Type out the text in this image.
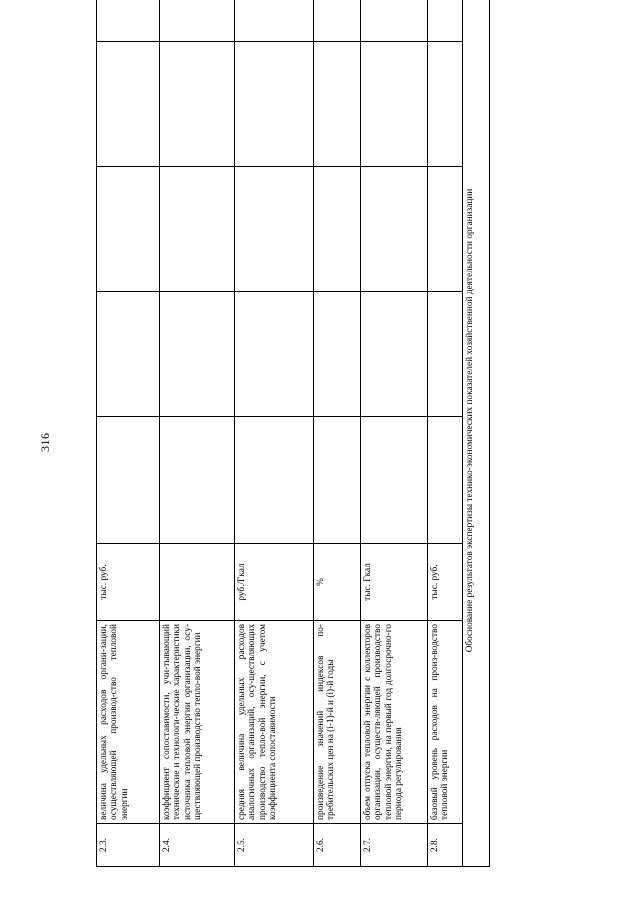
316
2.3.	величина удельных расходов органи-зации, осуществляющей производ-ство тепловой энергии	тыс. руб.					

2.4.	коэффициент сопоставимости, учи-тывающий технические и технологи-ческие характеристики источника тепловой энергии организации, осу-ществляющей производство тепло-вой энергии						

2.5.	средняя величина удельных расходов аналогичных организаций, осу-ществляющих производство тепло-вой энергии, с учетом коэффициента сопоставимости	руб./Гкал					

2.6.	произведение значений индексов по-требительских цен на (i-1)-й и (i)-й годы	%					

2.7.	объем отпуска тепловой энергии с коллекторов организации, осуществ-ляющей производство тепловой энергии, на первый год долгосрочно-го периода регулирования	тыс. Гкал					

2.8.	базовый уровень расходов на произ-водство тепловой энергии	тыс. руб.					
Обоснование результатов экспертизы технико-экономических показателей хозяйственной деятельности организации							
